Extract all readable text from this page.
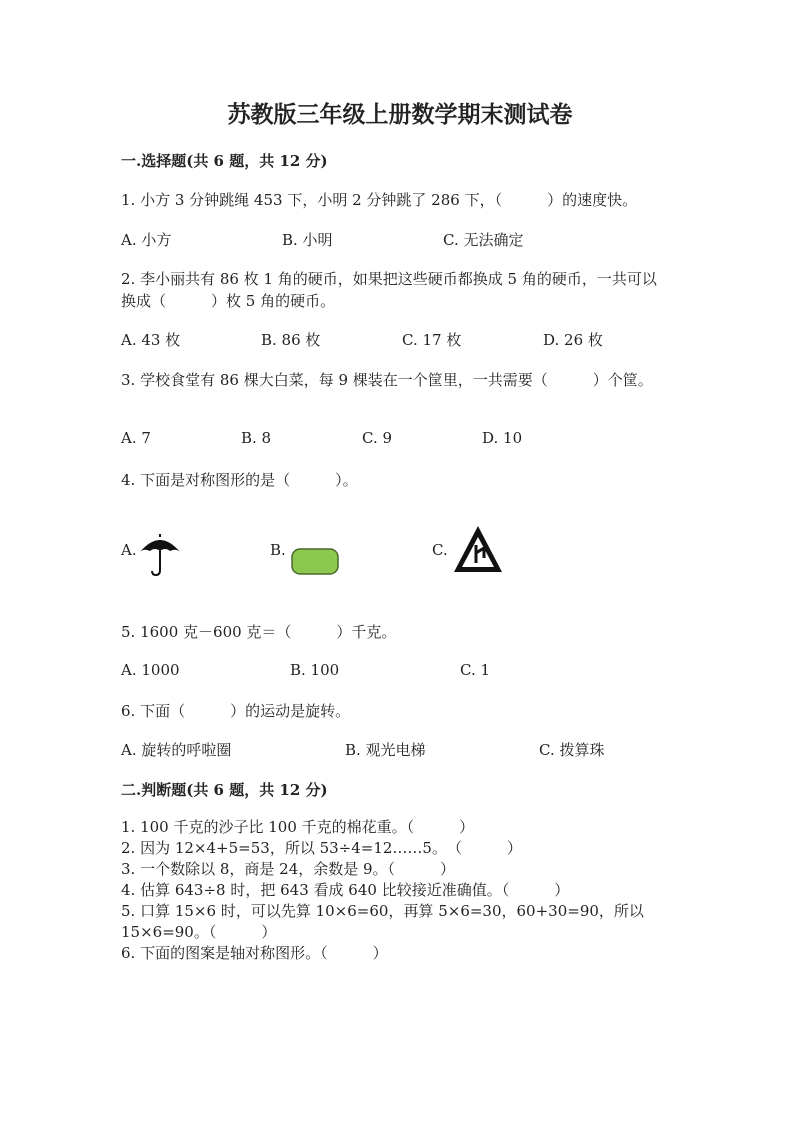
苏教版三年级上册数学期末测试卷
一.选择题(共 6 题，共 12 分)
1. 小方 3 分钟跳绳 453 下，小明 2 分钟跳了 286 下，（　　　）的速度快。
A. 小方	B. 小明	C. 无法确定
2. 李小丽共有 86 枚 1 角的硬币，如果把这些硬币都换成 5 角的硬币，一共可以
换成（　　　）枚 5 角的硬币。
A. 43 枚	B. 86 枚	C. 17 枚	D. 26 枚
3. 学校食堂有 86 棵大白菜，每 9 棵装在一个筐里，一共需要（　　　）个筐。
A. 7	B. 8	C. 9	D. 10
4. 下面是对称图形的是（　　　）。
A.	B.	C.
5. 1600 克－600 克＝（　　　）千克。
A. 1000	B. 100	C. 1
6. 下面（　　　）的运动是旋转。
A. 旋转的呼啦圈	B. 观光电梯	C. 拨算珠
二.判断题(共 6 题，共 12 分)
1. 100 千克的沙子比 100 千克的棉花重。（　　　）
2. 因为 12×4+5=53，所以 53÷4=12……5。　（　　　）
3. 一个数除以 8，商是 24，余数是 9。（　　　）
4. 估算 643÷8 时，把 643 看成 640 比较接近准确值。（　　　）
5. 口算 15×6 时，可以先算 10×6=60，再算 5×6=30，60+30=90，所以
15×6=90。（　　　）
6. 下面的图案是轴对称图形。（　　　）
